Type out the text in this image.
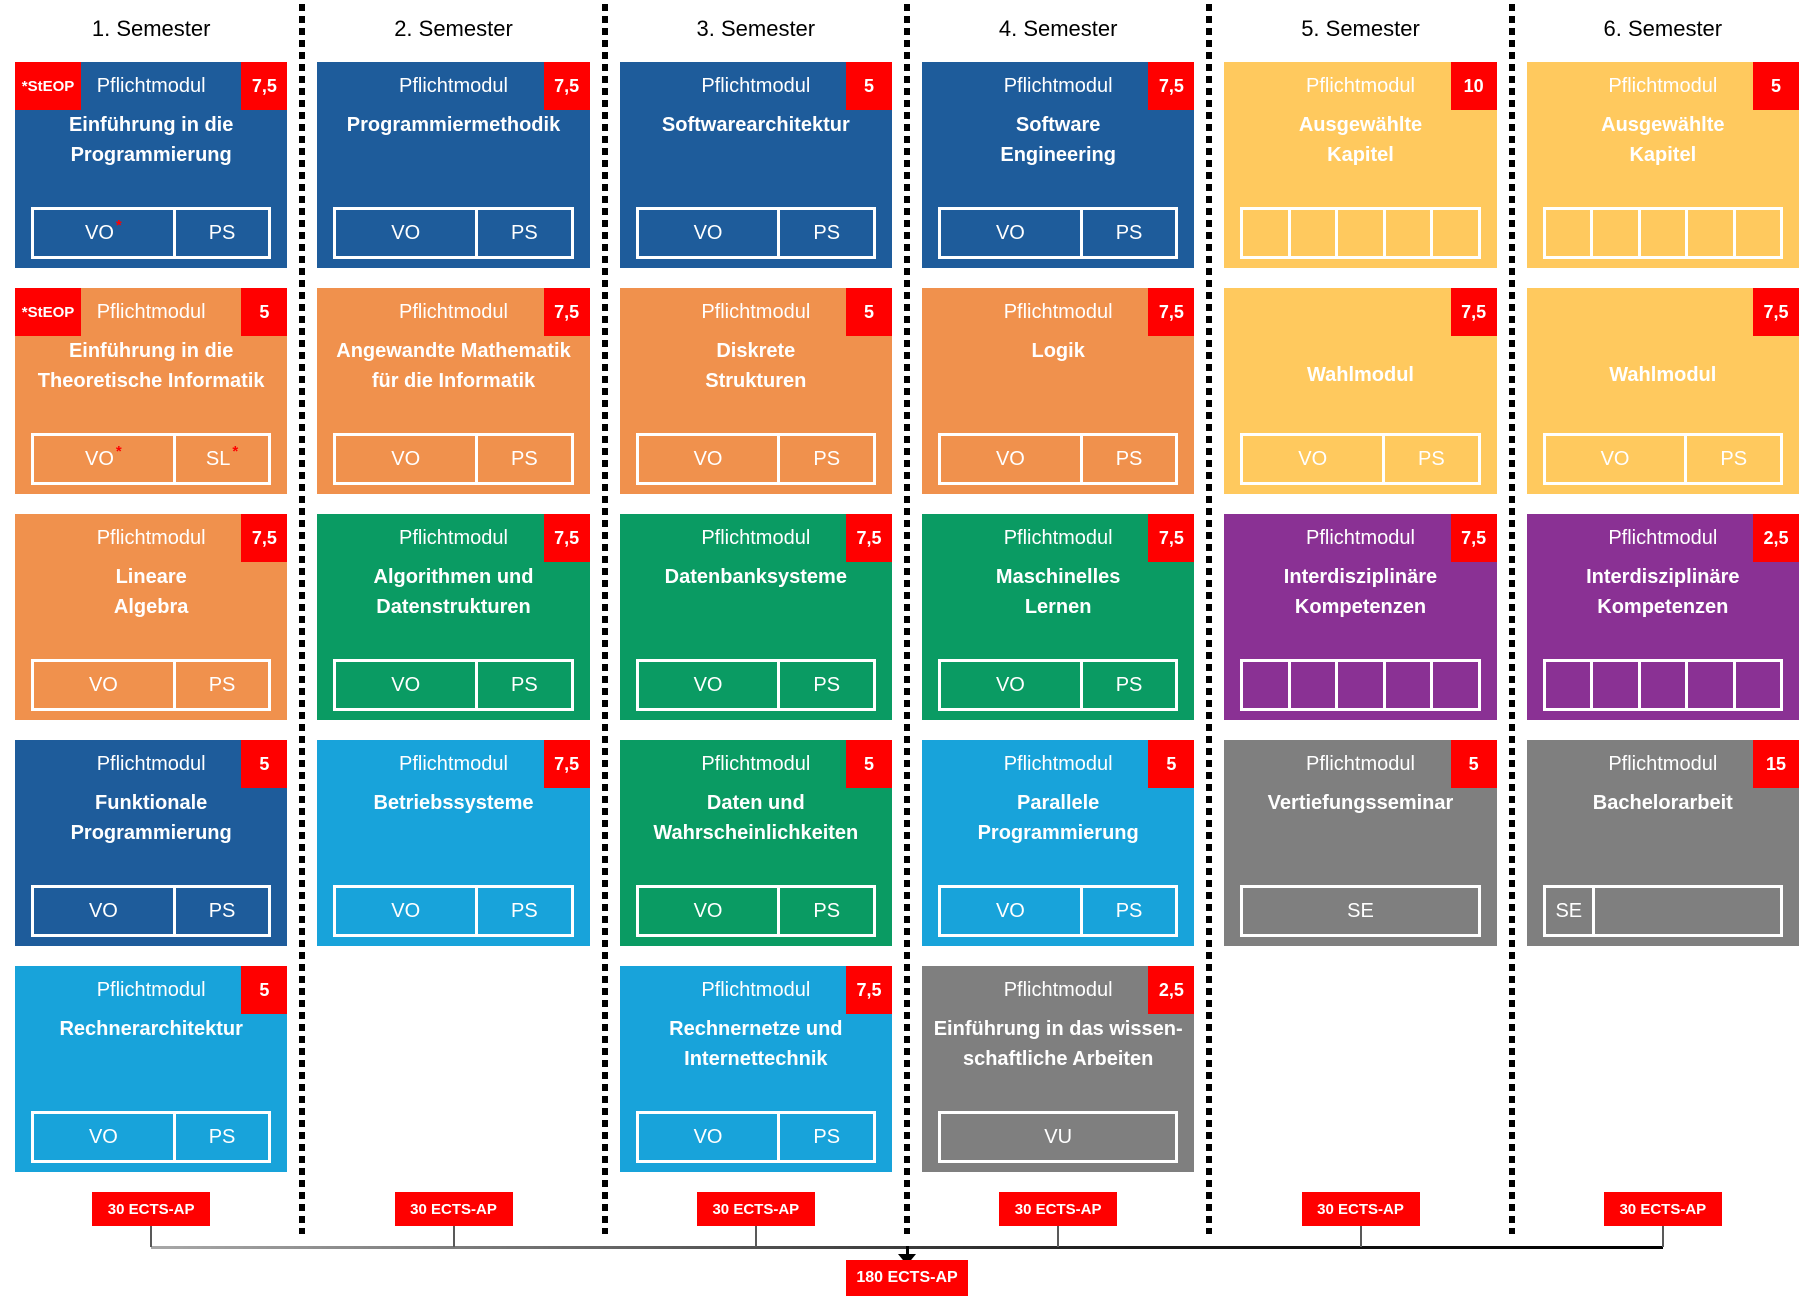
1. Semester
*StEOP	Pflichtmodul	7,5
Einführung in die
Programmierung
VO *	PS
*StEOP	Pflichtmodul	5
Einführung in die
Theoretische Informatik
VO *	SL *
Pflichtmodul	7,5
Lineare
Algebra
VO	PS
Pflichtmodul	5
Funktionale
Programmierung
VO	PS
Pflichtmodul	5
Rechnerarchitektur
VO	PS
2. Semester
Pflichtmodul	7,5
Programmiermethodik
VO	PS
Pflichtmodul	7,5
Angewandte Mathematik
für die Informatik
VO	PS
Pflichtmodul	7,5
Algorithmen und
Datenstrukturen
VO	PS
Pflichtmodul	7,5
Betriebssysteme
VO	PS
3. Semester
Pflichtmodul	5
Softwarearchitektur
VO	PS
Pflichtmodul	5
Diskrete
Strukturen
VO	PS
Pflichtmodul	7,5
Datenbanksysteme
VO	PS
Pflichtmodul	5
Daten und
Wahrscheinlichkeiten
VO	PS
Pflichtmodul	7,5
Rechnernetze und
Internettechnik
VO	PS
4. Semester
Pflichtmodul	7,5
Software
Engineering
VO	PS
Pflichtmodul	7,5
Logik
VO	PS
Pflichtmodul	7,5
Maschinelles
Lernen
VO	PS
Pflichtmodul	5
Parallele
Programmierung
VO	PS
Pflichtmodul	2,5
Einführung in das wissen-
schaftliche Arbeiten
VU
5. Semester
Pflichtmodul	10
Ausgewählte
Kapitel
7,5
Wahlmodul
VO	PS
Pflichtmodul	7,5
Interdisziplinäre
Kompetenzen
Pflichtmodul	5
Vertiefungsseminar
SE
6. Semester
Pflichtmodul	5
Ausgewählte
Kapitel
7,5
Wahlmodul
VO	PS
Pflichtmodul	2,5
Interdisziplinäre
Kompetenzen
Pflichtmodul	15
Bachelorarbeit
SE
180 ECTS-AP
30 ECTS-AP	30 ECTS-AP	30 ECTS-AP	30 ECTS-AP	30 ECTS-AP	30 ECTS-AP
